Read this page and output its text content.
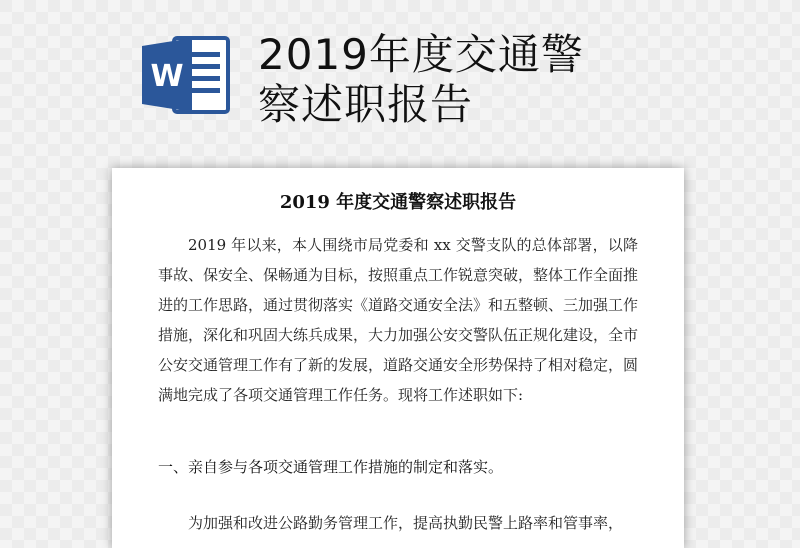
W 2019年度交通警察述职报告
2019 年度交通警察述职报告

2019 年以来，本人围绕市局党委和 xx 交警支队的总体部署，以降事故、保安全、保畅通为目标，按照重点工作锐意突破，整体工作全面推进的工作思路，通过贯彻落实《道路交通安全法》和五整顿、三加强工作措施，深化和巩固大练兵成果，大力加强公安交警队伍正规化建设，全市公安交通管理工作有了新的发展，道路交通安全形势保持了相对稳定，圆满地完成了各项交通管理工作任务。现将工作述职如下:

一、亲自参与各项交通管理工作措施的制定和落实。

为加强和改进公路勤务管理工作，提高执勤民警上路率和管事率，
